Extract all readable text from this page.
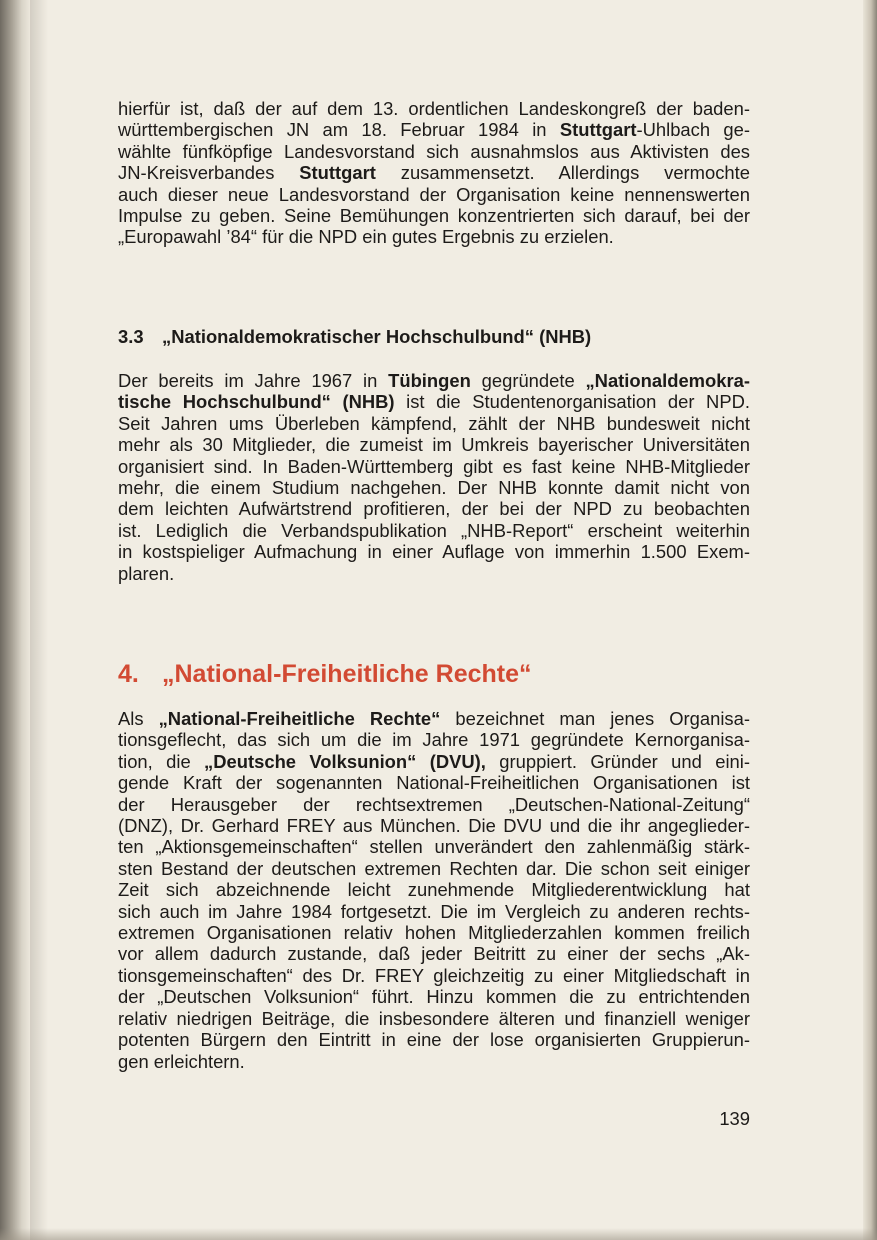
hierfür ist, daß der auf dem 13. ordentlichen Landeskongreß der baden-
württembergischen JN am 18. Februar 1984 in Stuttgart-Uhlbach ge-
wählte fünfköpfige Landesvorstand sich ausnahmslos aus Aktivisten des
JN-Kreisverbandes Stuttgart zusammensetzt. Allerdings vermochte
auch dieser neue Landesvorstand der Organisation keine nennenswerten
Impulse zu geben. Seine Bemühungen konzentrierten sich darauf, bei der
„Europawahl ’84“ für die NPD ein gutes Ergebnis zu erzielen.

3.3 „Nationaldemokratischer Hochschulbund“ (NHB)

Der bereits im Jahre 1967 in Tübingen gegründete „Nationaldemokra-
tische Hochschulbund“ (NHB) ist die Studentenorganisation der NPD.
Seit Jahren ums Überleben kämpfend, zählt der NHB bundesweit nicht
mehr als 30 Mitglieder, die zumeist im Umkreis bayerischer Universitäten
organisiert sind. In Baden-Württemberg gibt es fast keine NHB-Mitglieder
mehr, die einem Studium nachgehen. Der NHB konnte damit nicht von
dem leichten Aufwärtstrend profitieren, der bei der NPD zu beobachten
ist. Lediglich die Verbandspublikation „NHB-Report“ erscheint weiterhin
in kostspieliger Aufmachung in einer Auflage von immerhin 1.500 Exem-
plaren.

4. „National-Freiheitliche Rechte“

Als „National-Freiheitliche Rechte“ bezeichnet man jenes Organisa-
tionsgeflecht, das sich um die im Jahre 1971 gegründete Kernorganisa-
tion, die „Deutsche Volksunion“ (DVU), gruppiert. Gründer und eini-
gende Kraft der sogenannten National-Freiheitlichen Organisationen ist
der Herausgeber der rechtsextremen „Deutschen-National-Zeitung“
(DNZ), Dr. Gerhard FREY aus München. Die DVU und die ihr angeglieder-
ten „Aktionsgemeinschaften“ stellen unverändert den zahlenmäßig stärk-
sten Bestand der deutschen extremen Rechten dar. Die schon seit einiger
Zeit sich abzeichnende leicht zunehmende Mitgliederentwicklung hat
sich auch im Jahre 1984 fortgesetzt. Die im Vergleich zu anderen rechts-
extremen Organisationen relativ hohen Mitgliederzahlen kommen freilich
vor allem dadurch zustande, daß jeder Beitritt zu einer der sechs „Ak-
tionsgemeinschaften“ des Dr. FREY gleichzeitig zu einer Mitgliedschaft in
der „Deutschen Volksunion“ führt. Hinzu kommen die zu entrichtenden
relativ niedrigen Beiträge, die insbesondere älteren und finanziell weniger
potenten Bürgern den Eintritt in eine der lose organisierten Gruppierun-
gen erleichtern.

139
